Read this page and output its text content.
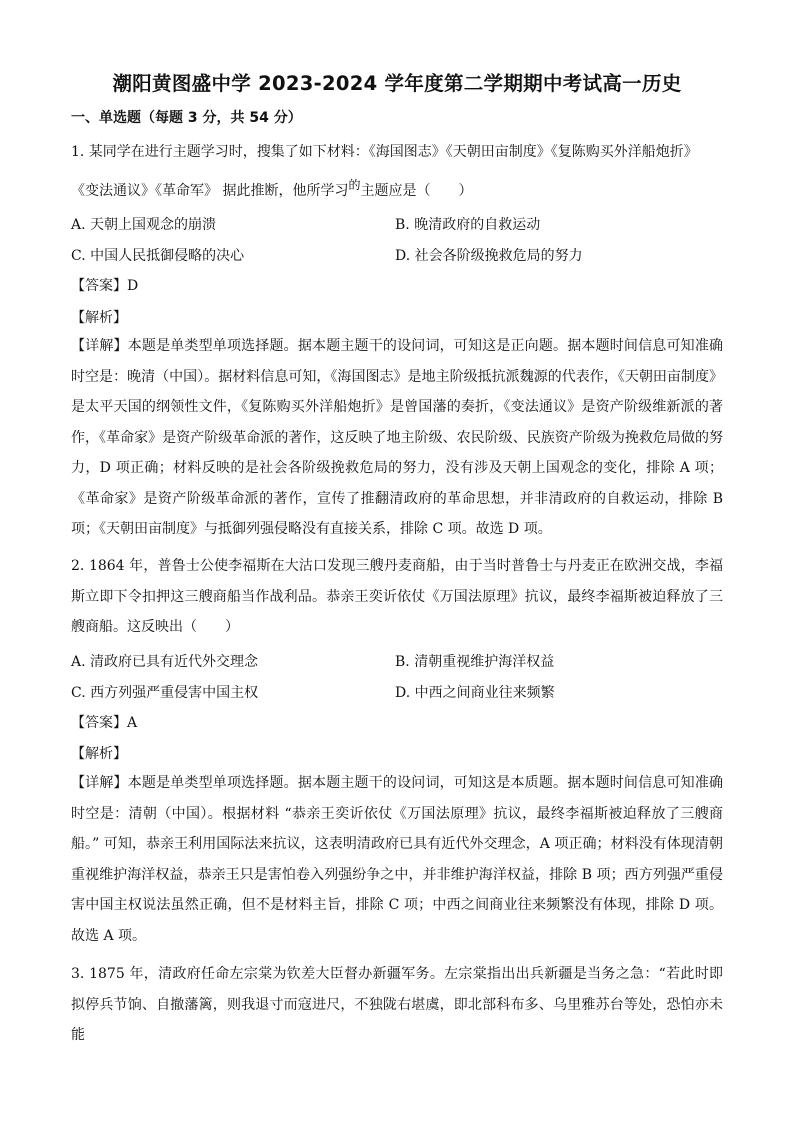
潮阳黄图盛中学 2023-2024 学年度第二学期期中考试高一历史
一、单选题（每题 3 分，共 54 分）
1. 某同学在进行主题学习时，搜集了如下材料：《海国图志》《天朝田亩制度》《复陈购买外洋船炮折》
《变法通议》《革命军》 据此推断，他所学习的主题应是（　　）
A. 天朝上国观念的崩溃	B. 晚清政府的自救运动
C. 中国人民抵御侵略的决心	D. 社会各阶级挽救危局的努力
【答案】D
【解析】
【详解】本题是单类型单项选择题。据本题主题干的设问词，可知这是正向题。据本题时间信息可知准确时空是：晚清（中国）。据材料信息可知，《海国图志》是地主阶级抵抗派魏源的代表作，《天朝田亩制度》是太平天国的纲领性文件，《复陈购买外洋船炮折》是曾国藩的奏折，《变法通议》是资产阶级维新派的著作，《革命家》是资产阶级革命派的著作，这反映了地主阶级、农民阶级、民族资产阶级为挽救危局做的努力，D 项正确；材料反映的是社会各阶级挽救危局的努力，没有涉及天朝上国观念的变化，排除 A 项；《革命家》是资产阶级革命派的著作，宣传了推翻清政府的革命思想，并非清政府的自救运动，排除 B 项；《天朝田亩制度》与抵御列强侵略没有直接关系，排除 C 项。故选 D 项。
2. 1864 年，普鲁士公使李福斯在大沽口发现三艘丹麦商船，由于当时普鲁士与丹麦正在欧洲交战，李福斯立即下令扣押这三艘商船当作战利品。恭亲王奕䜣依仗《万国法原理》抗议，最终李福斯被迫释放了三艘商船。这反映出（　　）
A. 清政府已具有近代外交理念	B. 清朝重视维护海洋权益
C. 西方列强严重侵害中国主权	D. 中西之间商业往来频繁
【答案】A
【解析】
【详解】本题是单类型单项选择题。据本题主题干的设问词，可知这是本质题。据本题时间信息可知准确时空是：清朝（中国）。根据材料 “恭亲王奕䜣依仗《万国法原理》抗议，最终李福斯被迫释放了三艘商船。” 可知，恭亲王利用国际法来抗议，这表明清政府已具有近代外交理念，A 项正确；材料没有体现清朝重视维护海洋权益，恭亲王只是害怕卷入列强纷争之中，并非维护海洋权益，排除 B 项；西方列强严重侵害中国主权说法虽然正确，但不是材料主旨，排除 C 项；中西之间商业往来频繁没有体现，排除 D 项。故选 A 项。
3. 1875 年，清政府任命左宗棠为钦差大臣督办新疆军务。左宗棠指出出兵新疆是当务之急：“若此时即拟停兵节饷、自撤藩篱，则我退寸而寇进尺，不独陇右堪虞，即北部科布多、乌里雅苏台等处，恐怕亦未能
